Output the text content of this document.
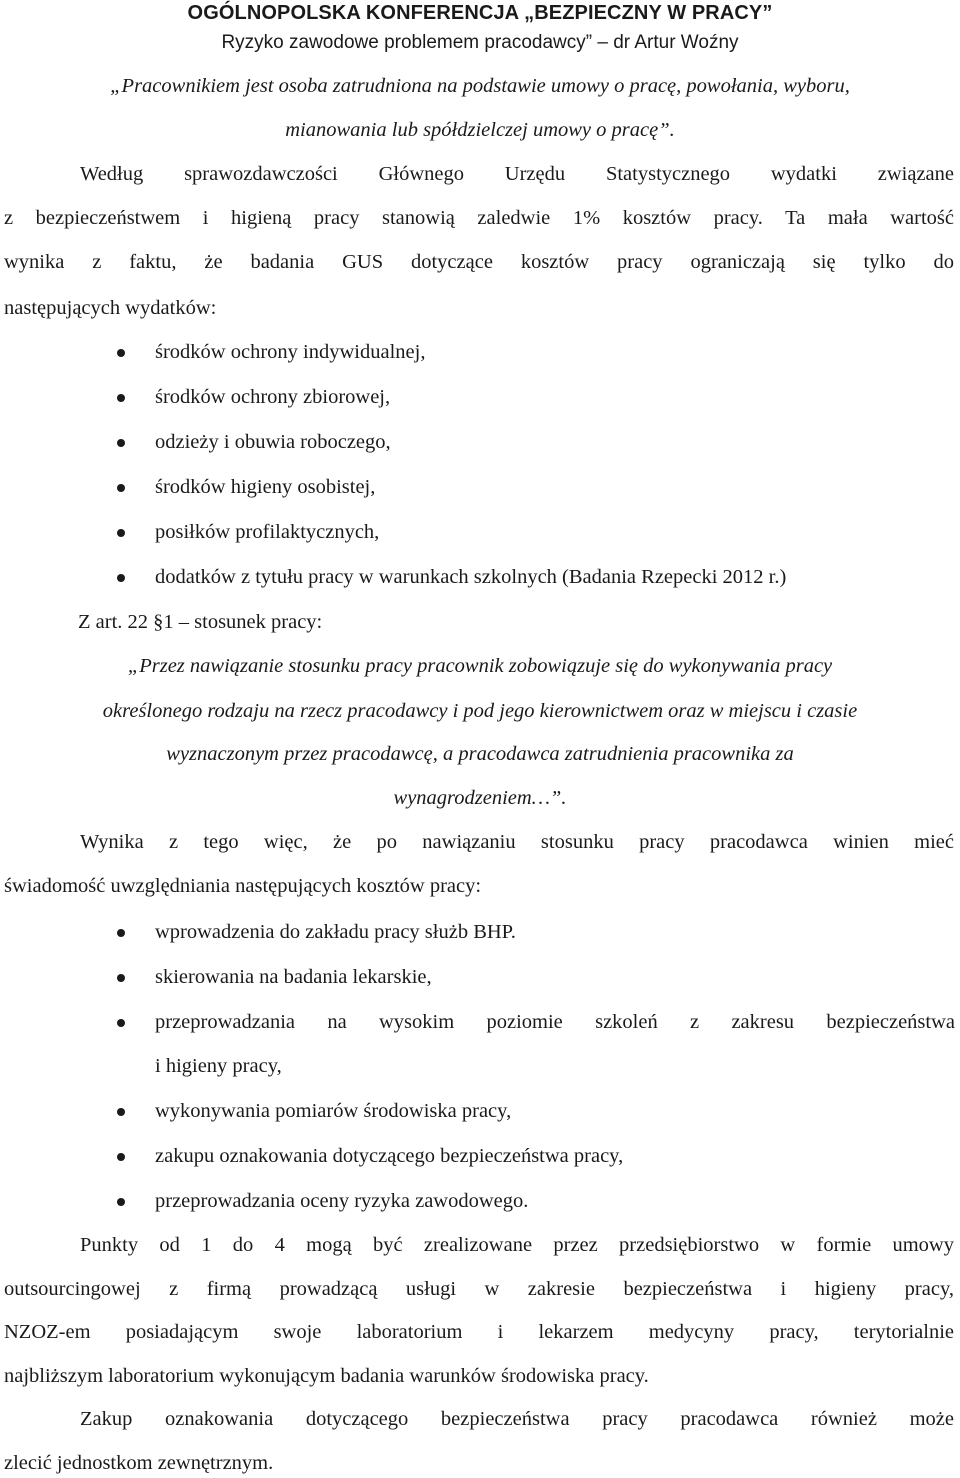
OGÓLNOPOLSKA KONFERENCJA „BEZPIECZNY W PRACY”
Ryzyko zawodowe problemem pracodawcy” – dr Artur Woźny
„Pracownikiem jest osoba zatrudniona na podstawie umowy o pracę, powołania, wyboru,
mianowania lub spółdzielczej umowy o pracę”.
Według sprawozdawczości Głównego Urzędu Statystycznego wydatki związane
z bezpieczeństwem i higieną pracy stanowią zaledwie 1% kosztów pracy. Ta mała wartość
wynika z faktu, że badania GUS dotyczące kosztów pracy ograniczają się tylko do
następujących wydatków:
środków ochrony indywidualnej,
środków ochrony zbiorowej,
odzieży i obuwia roboczego,
środków higieny osobistej,
posiłków profilaktycznych,
dodatków z tytułu pracy w warunkach szkolnych (Badania Rzepecki 2012 r.)
Z art. 22 §1 – stosunek pracy:
„Przez nawiązanie stosunku pracy pracownik zobowiązuje się do wykonywania pracy
określonego rodzaju na rzecz pracodawcy i pod jego kierownictwem oraz w miejscu i czasie
wyznaczonym przez pracodawcę, a pracodawca zatrudnienia pracownika za
wynagrodzeniem…”.
Wynika z tego więc, że po nawiązaniu stosunku pracy pracodawca winien mieć
świadomość uwzględniania następujących kosztów pracy:
wprowadzenia do zakładu pracy służb BHP.
skierowania na badania lekarskie,
przeprowadzania na wysokim poziomie szkoleń z zakresu bezpieczeństwa
i higieny pracy,
wykonywania pomiarów środowiska pracy,
zakupu oznakowania dotyczącego bezpieczeństwa pracy,
przeprowadzania oceny ryzyka zawodowego.
Punkty od 1 do 4 mogą być zrealizowane przez przedsiębiorstwo w formie umowy
outsourcingowej z firmą prowadzącą usługi w zakresie bezpieczeństwa i higieny pracy,
NZOZ-em posiadającym swoje laboratorium i lekarzem medycyny pracy, terytorialnie
najbliższym laboratorium wykonującym badania warunków środowiska pracy.
Zakup oznakowania dotyczącego bezpieczeństwa pracy pracodawca również może
zlecić jednostkom zewnętrznym.
